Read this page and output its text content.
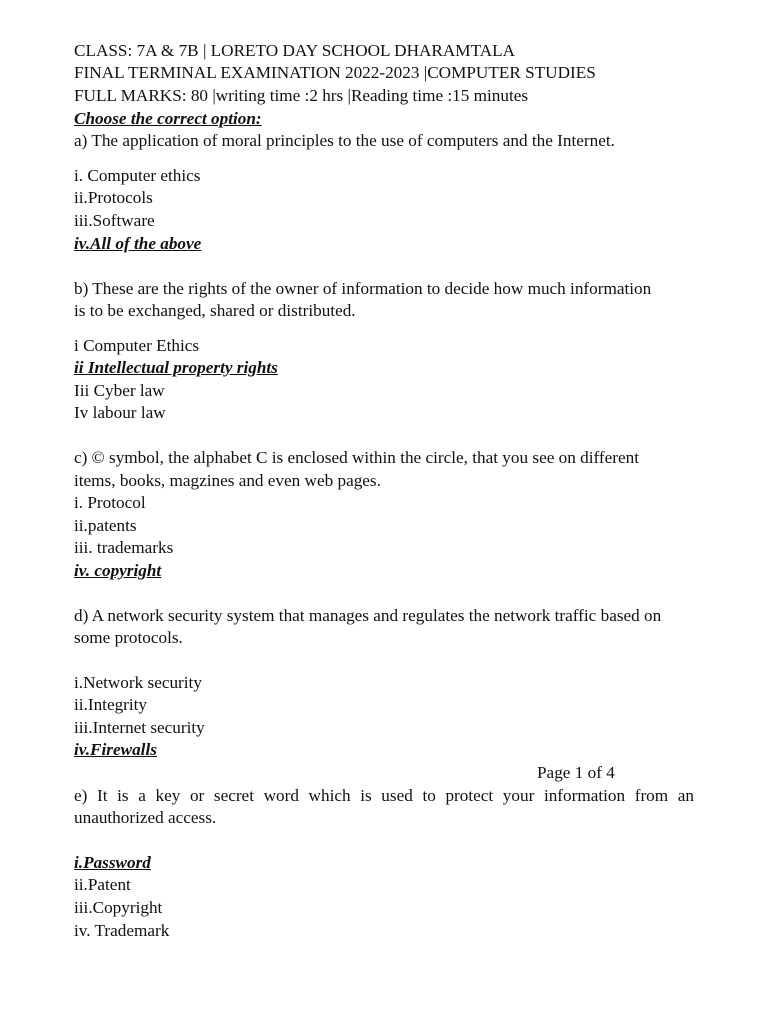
CLASS: 7A & 7B | LORETO DAY SCHOOL DHARAMTALA
FINAL TERMINAL EXAMINATION 2022-2023 |COMPUTER STUDIES
FULL MARKS: 80 |writing time :2 hrs |Reading time :15 minutes
Choose the correct option:
a) The application of moral principles to the use of computers and the Internet.
i. Computer ethics
ii.Protocols
iii.Software
iv.All of the above
b) These are the rights of the owner of information to decide how much information
is to be exchanged, shared or distributed.
i Computer Ethics
ii Intellectual property rights
Iii Cyber law
Iv labour law
c) © symbol, the alphabet C is enclosed within the circle, that you see on different
items, books, magzines and even web pages.
i. Protocol
ii.patents
iii. trademarks
iv. copyright
d) A network security system that manages and regulates the network traffic based on
some protocols.
i.Network security
ii.Integrity
iii.Internet security
iv.Firewalls
Page 1 of 4
e) It is a key or secret word which is used to protect your information from an
unauthorized access.
i.Password
ii.Patent
iii.Copyright
iv. Trademark
